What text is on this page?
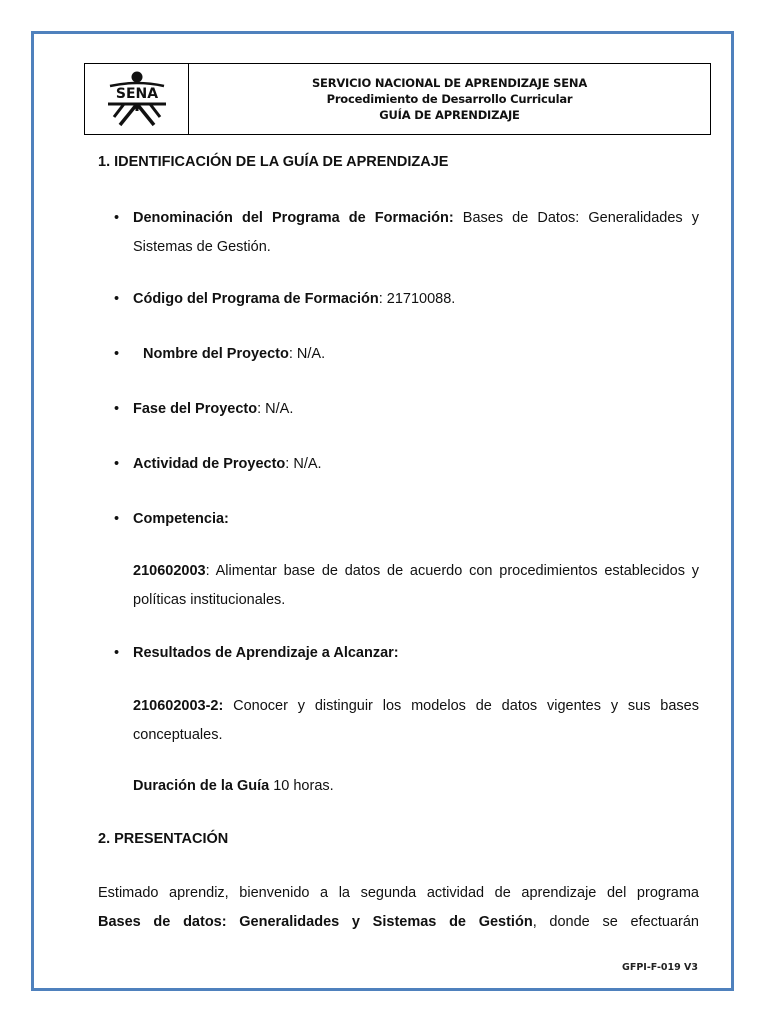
SENA
SERVICIO NACIONAL DE APRENDIZAJE SENA
Procedimiento de Desarrollo Curricular
GUÍA DE APRENDIZAJE
1. IDENTIFICACIÓN DE LA GUÍA DE APRENDIZAJE

• Denominación del Programa de Formación: Bases de Datos: Generalidades y Sistemas de Gestión.

• Código del Programa de Formación: 21710088.

• Nombre del Proyecto: N/A.

• Fase del Proyecto: N/A.

• Actividad de Proyecto: N/A.

• Competencia:

210602003: Alimentar base de datos de acuerdo con procedimientos establecidos y políticas institucionales.

• Resultados de Aprendizaje a Alcanzar:

210602003-2: Conocer y distinguir los modelos de datos vigentes y sus bases conceptuales.

Duración de la Guía 10 horas.

2. PRESENTACIÓN

Estimado aprendiz, bienvenido a la segunda actividad de aprendizaje del programa

Bases de datos: Generalidades y Sistemas de Gestión, donde se efectuarán

GFPI-F-019 V3
